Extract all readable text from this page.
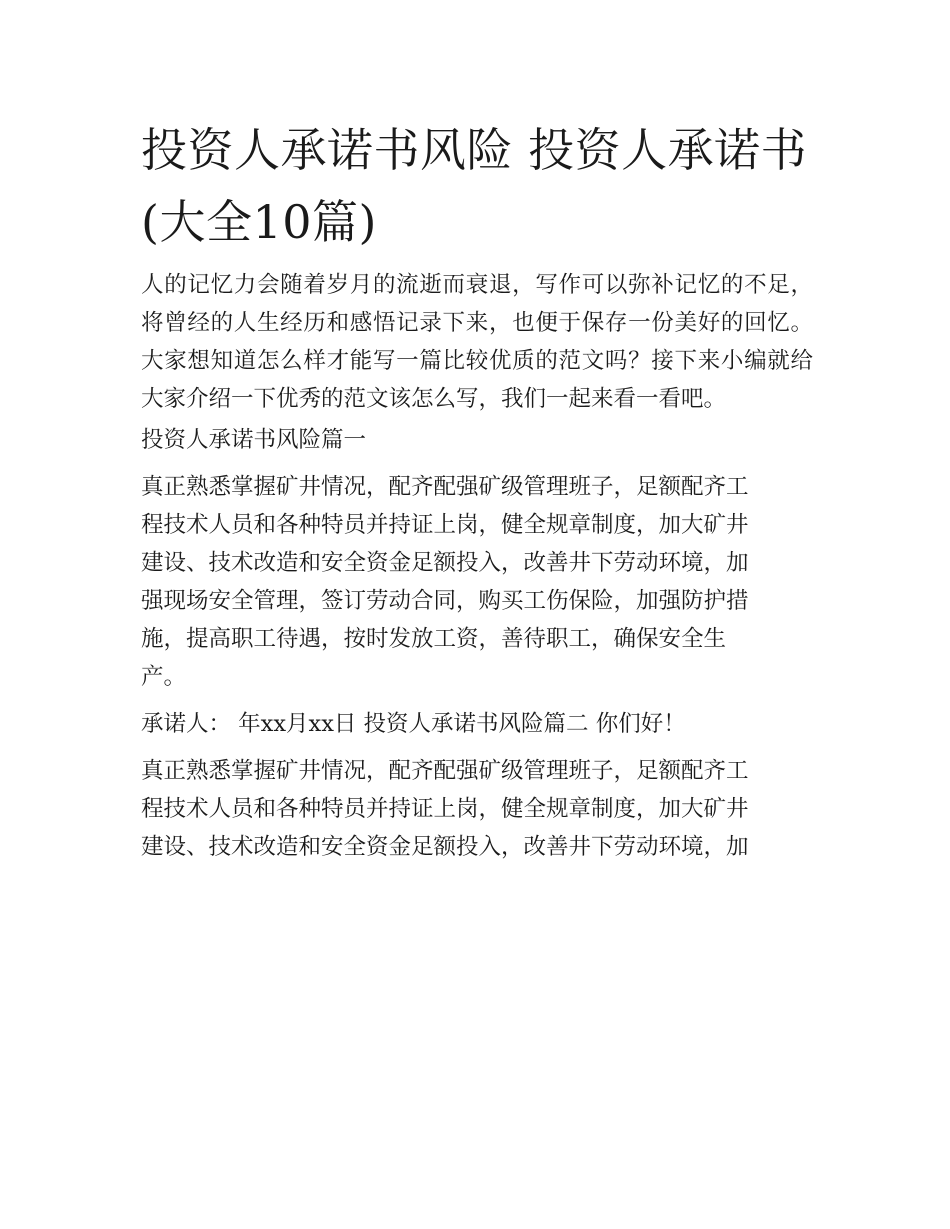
投资人承诺书风险 投资人承诺书(大全10篇)

人的记忆力会随着岁月的流逝而衰退，写作可以弥补记忆的不足，将曾经的人生经历和感悟记录下来，也便于保存一份美好的回忆。大家想知道怎么样才能写一篇比较优质的范文吗？接下来小编就给大家介绍一下优秀的范文该怎么写，我们一起来看一看吧。

投资人承诺书风险篇一

真正熟悉掌握矿井情况，配齐配强矿级管理班子，足额配齐工
程技术人员和各种特员并持证上岗，健全规章制度，加大矿井
建设、技术改造和安全资金足额投入，改善井下劳动环境，加
强现场安全管理，签订劳动合同，购买工伤保险，加强防护措
施，提高职工待遇，按时发放工资，善待职工，确保安全生
产。

承诺人： 年xx月xx日 投资人承诺书风险篇二 你们好！

真正熟悉掌握矿井情况，配齐配强矿级管理班子，足额配齐工
程技术人员和各种特员并持证上岗，健全规章制度，加大矿井
建设、技术改造和安全资金足额投入，改善井下劳动环境，加
